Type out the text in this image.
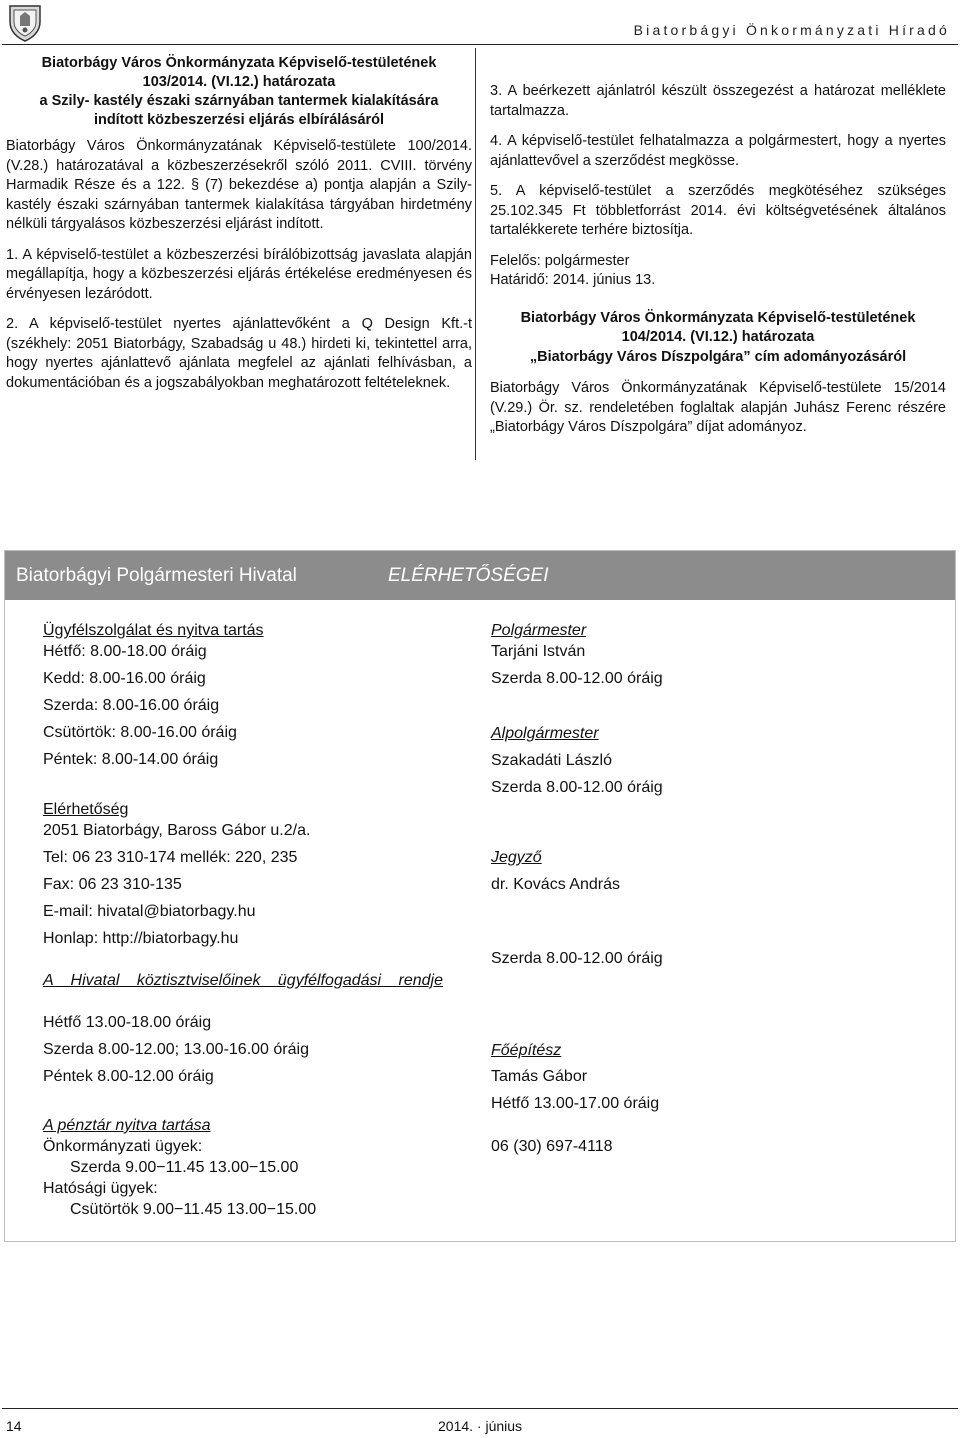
Biatorbágyi Önkormányzati Híradó
Biatorbágy Város Önkormányzata Képviselő-testületének
103/2014. (VI.12.) határozata
a Szily- kastély északi szárnyában tantermek kialakítására
indított közbeszerzési eljárás elbírálásáról

Biatorbágy Város Önkormányzatának Képviselő-testülete 100/2014. (V.28.) határozatával a közbeszerzésekről szóló 2011. CVIII. törvény Harmadik Része és a 122. § (7) bekezdése a) pontja alapján a Szily- kastély északi szárnyában tantermek kialakítása tárgyában hirdetmény nélküli tárgyalásos közbeszerzési eljárást indított.

1. A képviselő-testület a közbeszerzési bírálóbizottság javaslata alapján megállapítja, hogy a közbeszerzési eljárás értékelése eredményesen és érvényesen lezáródott.

2. A képviselő-testület nyertes ajánlattevőként a Q Design Kft.-t (székhely: 2051 Biatorbágy, Szabadság u 48.) hirdeti ki, tekintettel arra, hogy nyertes ajánlattevő ajánlata megfelel az ajánlati felhívásban, a dokumentációban és a jogszabályokban meghatározott feltételeknek.

3. A beérkezett ajánlatról készült összegezést a határozat melléklete tartalmazza.

4. A képviselő-testület felhatalmazza a polgármestert, hogy a nyertes ajánlattevővel a szerződést megkösse.

5. A képviselő-testület a szerződés megkötéséhez szükséges 25.102.345 Ft többletforrást 2014. évi költségvetésének általános tartalékkerete terhére biztosítja.

Felelős: polgármester

Határidő: 2014. június 13.

Biatorbágy Város Önkormányzata Képviselő-testületének
104/2014. (VI.12.) határozata
„Biatorbágy Város Díszpolgára” cím adományozásáról

Biatorbágy Város Önkormányzatának Képviselő-testülete 15/2014 (V.29.) Ör. sz. rendeletében foglaltak alapján Juhász Ferenc részére „Biatorbágy Város Díszpolgára” díjat adományoz.

Biatorbágyi Polgármesteri Hivatal	ELÉRHETŐSÉGEI
Ügyfélszolgálat és nyitva tartás
Hétfő: 8.00-18.00 óráig
Kedd: 8.00-16.00 óráig
Szerda: 8.00-16.00 óráig
Csütörtök: 8.00-16.00 óráig
Péntek: 8.00-14.00 óráig
Elérhetőség
2051 Biatorbágy, Baross Gábor u.2/a.
Tel: 06 23 310-174 mellék: 220, 235
Fax: 06 23 310-135
E-mail: hivatal@biatorbagy.hu
Honlap: http://biatorbagy.hu
A Hivatal köztisztviselőinek ügyfélfogadási rendje
Hétfő 13.00-18.00 óráig
Szerda 8.00-12.00; 13.00-16.00 óráig
Péntek 8.00-12.00 óráig
A pénztár nyitva tartása
Önkormányzati ügyek:
Szerda 9.00−11.45 13.00−15.00
Hatósági ügyek:
Csütörtök 9.00−11.45 13.00−15.00
Polgármester
Tarjáni István
Szerda 8.00-12.00 óráig
Alpolgármester
Szakadáti László
Szerda 8.00-12.00 óráig
Jegyző
dr. Kovács András
Szerda 8.00-12.00 óráig
Főépítész
Tamás Gábor
Hétfő 13.00-17.00 óráig
06 (30) 697-4118
14	2014. · június
